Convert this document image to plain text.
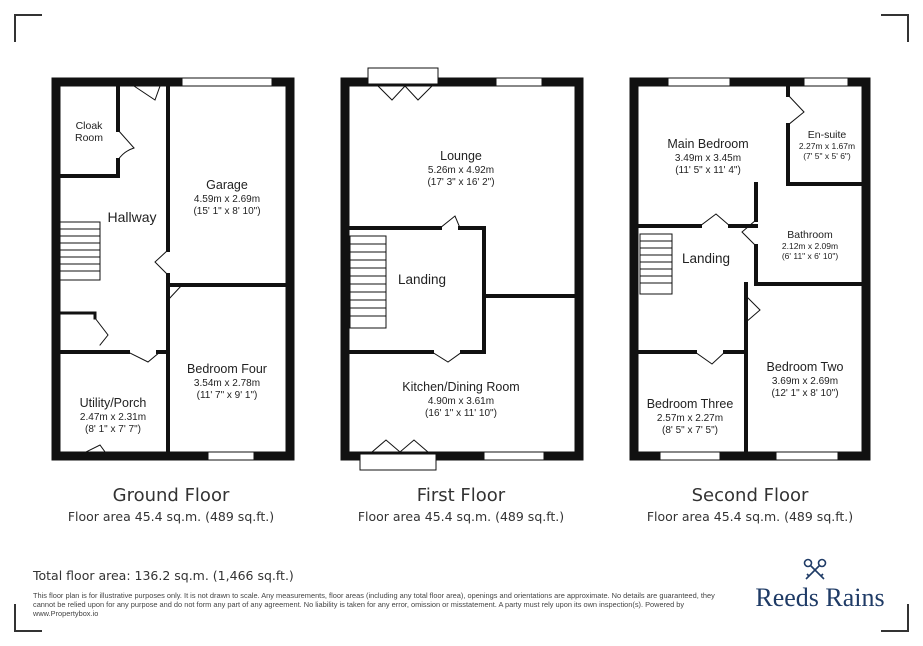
Cloak
Room
Hallway
Garage
4.59m x 2.69m
(15' 1" x 8' 10")
Bedroom Four
3.54m x 2.78m
(11' 7" x 9' 1")
Utility/Porch
2.47m x 2.31m
(8' 1" x 7' 7")
Lounge
5.26m x 4.92m
(17' 3" x 16' 2")
Landing
Kitchen/Dining Room
4.90m x 3.61m
(16' 1" x 11' 10")
Main Bedroom
3.49m x 3.45m
(11' 5" x 11' 4")
En-suite
2.27m x 1.67m
(7' 5" x 5' 6")
Bathroom
2.12m x 2.09m
(6' 11" x 6' 10")
Landing
Bedroom Three
2.57m x 2.27m
(8' 5" x 7' 5")
Bedroom Two
3.69m x 2.69m
(12' 1" x 8' 10")
Ground Floor
Floor area 45.4 sq.m. (489 sq.ft.)
First Floor
Floor area 45.4 sq.m. (489 sq.ft.)
Second Floor
Floor area 45.4 sq.m. (489 sq.ft.)
Total floor area: 136.2 sq.m. (1,466 sq.ft.)
This floor plan is for illustrative purposes only. It is not drawn to scale. Any measurements, floor areas (including any total floor area), openings and orientations are approximate. No details are guaranteed, they cannot be relied upon for any purpose and do not form any part of any agreement. No liability is taken for any error, omission or misstatement. A party must rely upon its own inspection(s). Powered by www.Propertybox.io
Reeds Rains
